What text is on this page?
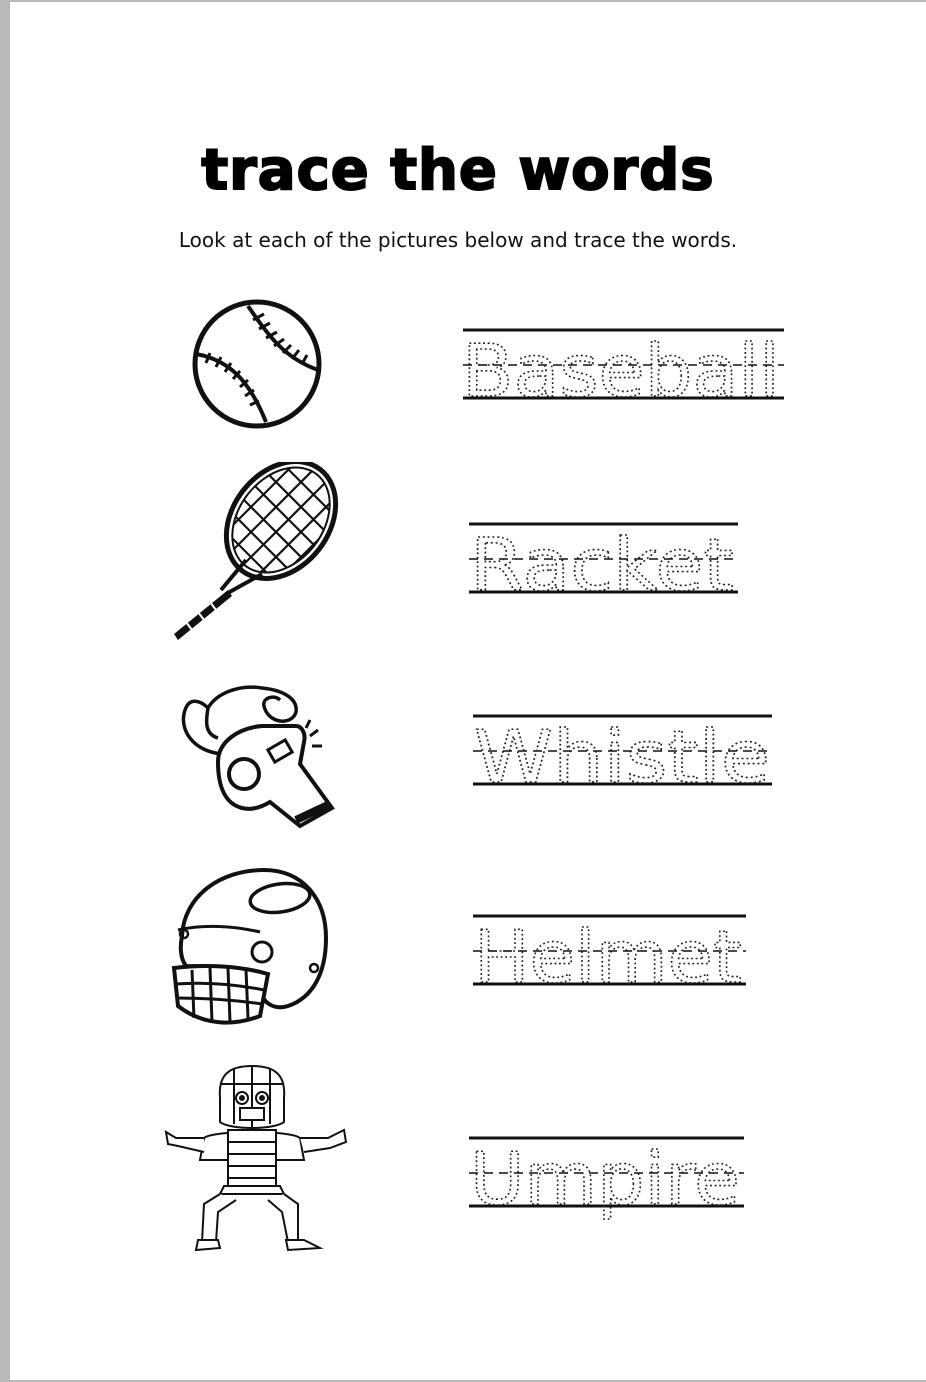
trace the words
Look at each of the pictures below and trace the words.
Baseball
Racket
Whistle
Helmet
Umpire
